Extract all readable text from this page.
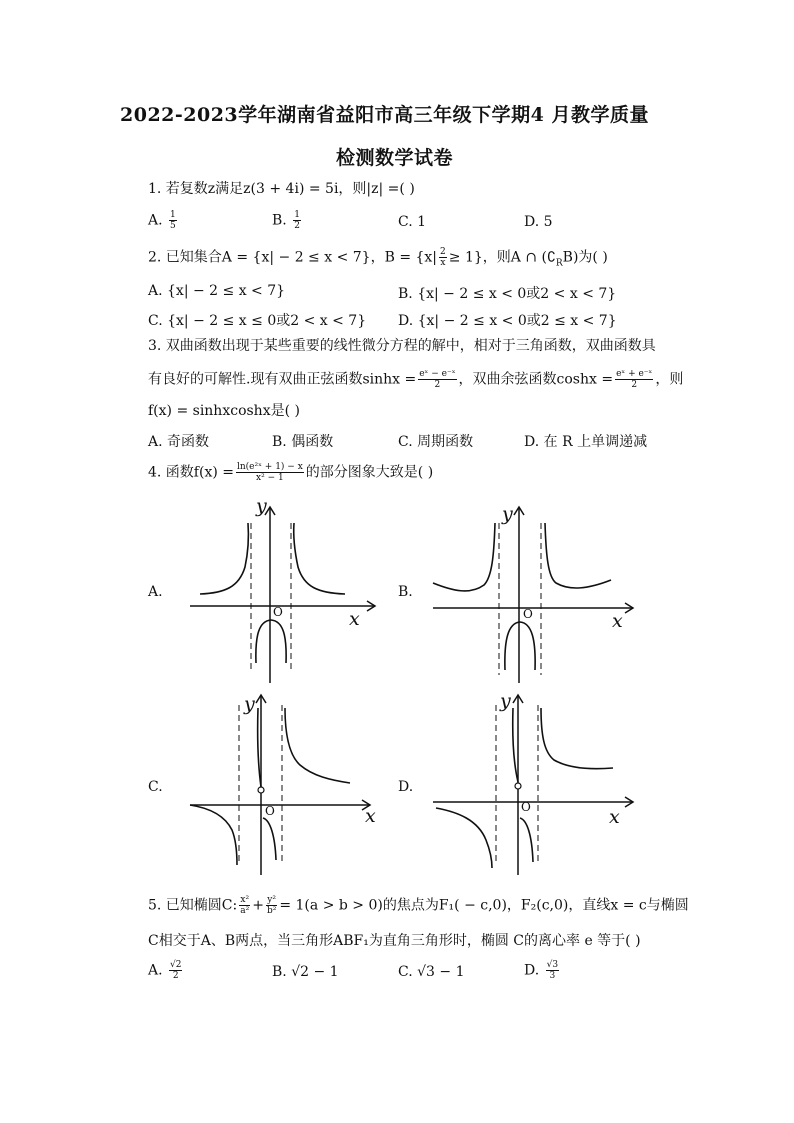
2022-2023学年湖南省益阳市高三年级下学期4 月教学质量
检测数学试卷
1. 若复数z满足z(3 + 4i) = 5i，则|z| =( )
A. $\frac{1}{5}$	B. $\frac{1}{2}$	C. 1	D. 5
2. 已知集合A = {x| − 2 ≤ x < 7}，$B = \{x| \frac{2}{x} \ge 1\}$，则A ∩ $(∁_RB)$为( )
A. {x| − 2 ≤ x < 7}	B. {x| − 2 ≤ x < 0或2 < x < 7}
C. {x| − 2 ≤ x ≤ 0或2 < x < 7} D. {x| − 2 ≤ x < 0或2 ≤ x < 7}
3. 双曲函数出现于某些重要的线性微分方程的解中，相对于三角函数，双曲函数具
有良好的可解性.现有双曲正弦函数$\sinh x = \frac{\text{eˣ − e⁻ˣ}}{2}$ ，双曲余弦函数$\cosh x = \frac{\text{eˣ + e⁻ˣ}}{2}$ ，则
f(x) = sinhxcoshx是( )
A. 奇函数	B. 偶函数	C. 周期函数	D. 在 R 上单调递减
4. 函数$f(x) = \frac{\text{ln(e²ˣ + 1) − x}}{\text{x² − 1}}$ 的部分图象大致是( )
A.	B.
C.	D.
x
y
O	x
y
O
x
y
O	x
y
O
5. 已知椭圆C: $\frac{\text{x²}}{\text{a²}} + \frac{\text{y²}}{\text{b²}} = 1(a > b > 0)$的焦点为F₁( − c,0)，F₂(c,0)，直线x = c与椭圆
C相交于A、B两点，当三角形ABF₁为直角三角形时，椭圆 C的离心率 e 等于( )
A. $\frac{√2}{2}$	B. √2 − 1	C. √3 − 1	D. $\frac{√3}{3}$
